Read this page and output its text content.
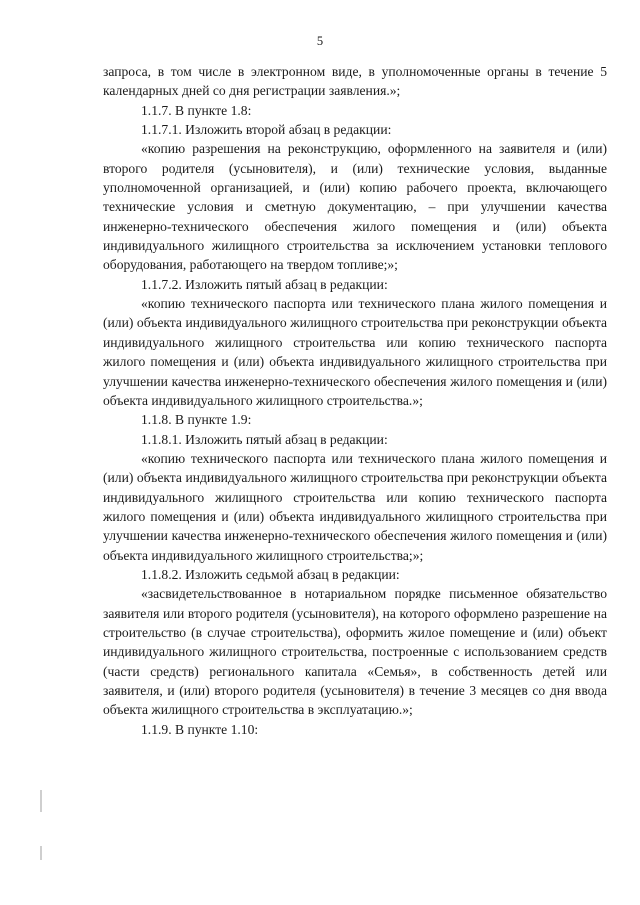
5

запроса, в том числе в электронном виде, в уполномоченные органы в течение 5 календарных дней со дня регистрации заявления.»;

1.1.7. В пункте 1.8:

1.1.7.1. Изложить второй абзац в редакции:

«копию разрешения на реконструкцию, оформленного на заявителя и (или) второго родителя (усыновителя), и (или) технические условия, выданные уполномоченной организацией, и (или) копию рабочего проекта, включающего технические условия и сметную документацию, – при улучшении качества инженерно-технического обеспечения жилого помещения и (или) объекта индивидуального жилищного строительства за исключением установки теплового оборудования, работающего на твердом топливе;»;

1.1.7.2. Изложить пятый абзац в редакции:

«копию технического паспорта или технического плана жилого помещения и (или) объекта индивидуального жилищного строительства при реконструкции объекта индивидуального жилищного строительства или копию технического паспорта жилого помещения и (или) объекта индивидуального жилищного строительства при улучшении качества инженерно-технического обеспечения жилого помещения и (или) объекта индивидуального жилищного строительства.»;

1.1.8. В пункте 1.9:

1.1.8.1. Изложить пятый абзац в редакции:

«копию технического паспорта или технического плана жилого помещения и (или) объекта индивидуального жилищного строительства при реконструкции объекта индивидуального жилищного строительства или копию технического паспорта жилого помещения и (или) объекта индивидуального жилищного строительства при улучшении качества инженерно-технического обеспечения жилого помещения и (или) объекта индивидуального жилищного строительства;»;

1.1.8.2. Изложить седьмой абзац в редакции:

«засвидетельствованное в нотариальном порядке письменное обязательство заявителя или второго родителя (усыновителя), на которого оформлено разрешение на строительство (в случае строительства), оформить жилое помещение и (или) объект индивидуального жилищного строительства, построенные с использованием средств (части средств) регионального капитала «Семья», в собственность детей или заявителя, и (или) второго родителя (усыновителя) в течение 3 месяцев со дня ввода объекта жилищного строительства в эксплуатацию.»;

1.1.9. В пункте 1.10:
